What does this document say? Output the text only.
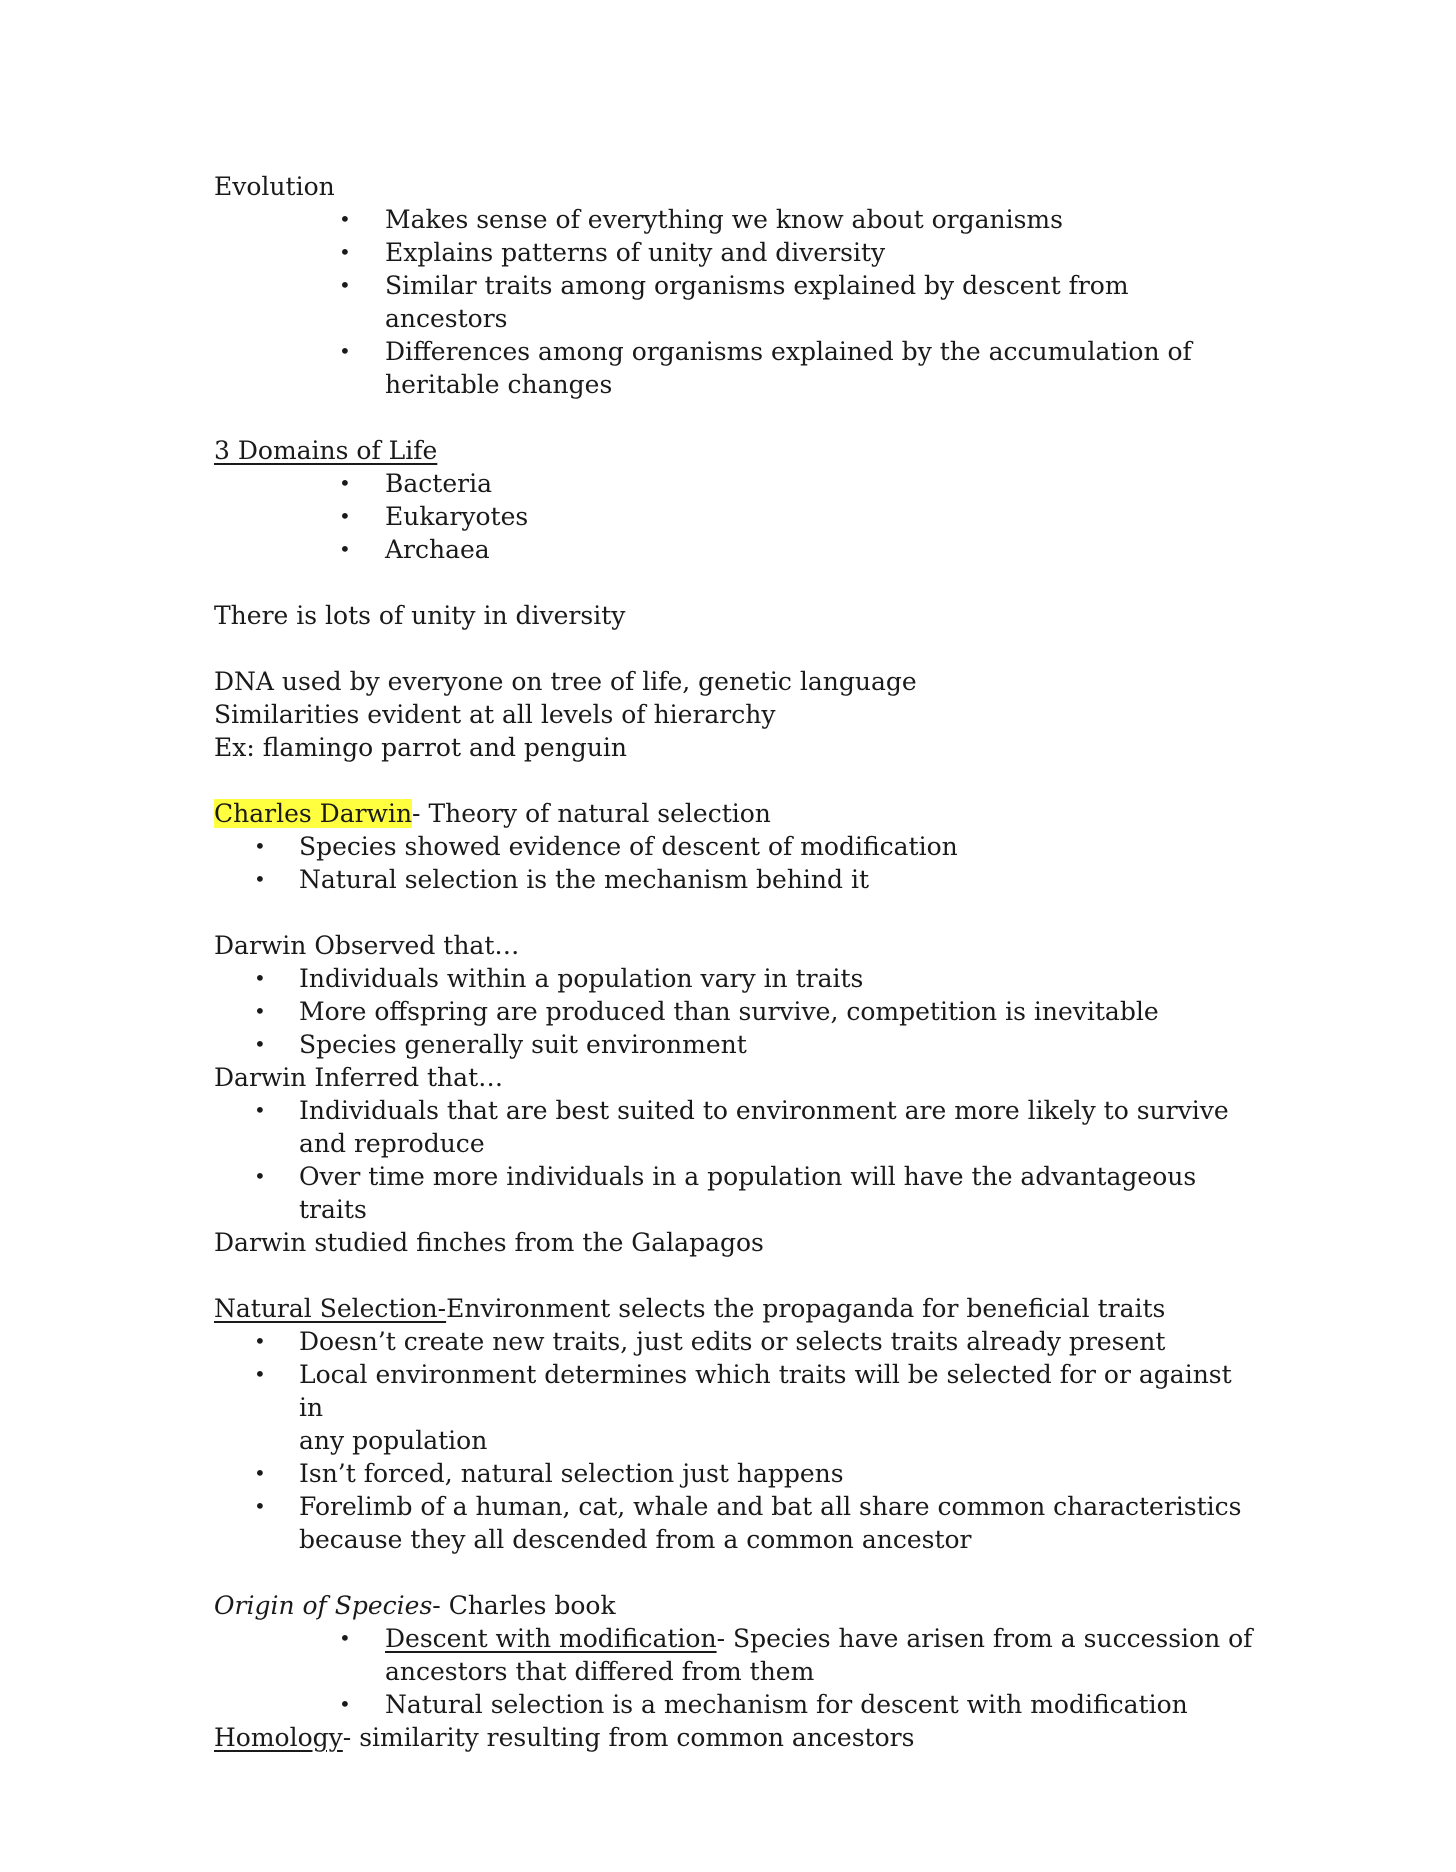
Evolution

• Makes sense of everything we know about organisms
• Explains patterns of unity and diversity
• Similar traits among organisms explained by descent from ancestors
• Differences among organisms explained by the accumulation of
heritable changes

3 Domains of Life

• Bacteria
• Eukaryotes
• Archaea

There is lots of unity in diversity

DNA used by everyone on tree of life, genetic language

Similarities evident at all levels of hierarchy

Ex: flamingo parrot and penguin

Charles Darwin- Theory of natural selection

• Species showed evidence of descent of modification
• Natural selection is the mechanism behind it

Darwin Observed that…

• Individuals within a population vary in traits
• More offspring are produced than survive, competition is inevitable
• Species generally suit environment

Darwin Inferred that…

• Individuals that are best suited to environment are more likely to survive
and reproduce
• Over time more individuals in a population will have the advantageous traits

Darwin studied finches from the Galapagos

Natural Selection-Environment selects the propaganda for beneficial traits

• Doesn’t create new traits, just edits or selects traits already present
• Local environment determines which traits will be selected for or against in
any population
• Isn’t forced, natural selection just happens
• Forelimb of a human, cat, whale and bat all share common characteristics
because they all descended from a common ancestor

Origin of Species- Charles book

• Descent with modification- Species have arisen from a succession of
ancestors that differed from them
• Natural selection is a mechanism for descent with modification

Homology- similarity resulting from common ancestors
